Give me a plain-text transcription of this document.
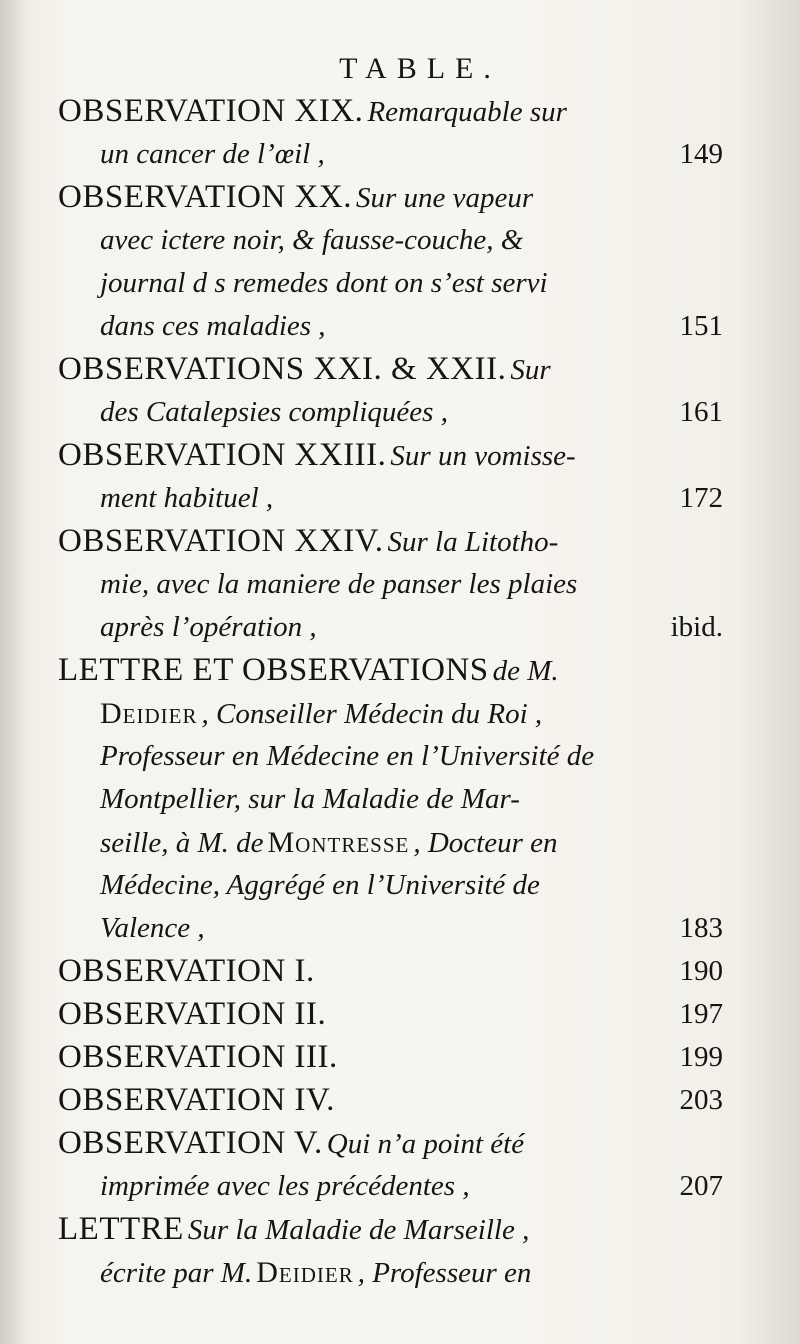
TABLE.
OBSERVATION XIX. Remarquable sur
un cancer de l’œil ,	149
OBSERVATION XX. Sur une vapeur
avec ictere noir, & fausse-couche, &
journal d s remedes dont on s’est servi
dans ces maladies ,	151
OBSERVATIONS XXI. & XXII. Sur
des Catalepsies compliquées ,	161
OBSERVATION XXIII. Sur un vomisse-
ment habituel ,	172
OBSERVATION XXIV. Sur la Litotho-
mie, avec la maniere de panser les plaies
après l’opération ,	ibid.
LETTRE ET OBSERVATIONS de M.
Deidier , Conseiller Médecin du Roi ,
Professeur en Médecine en l’Université de
Montpellier, sur la Maladie de Mar-
seille, à M. de Montresse , Docteur en
Médecine, Aggrégé en l’Université de
Valence ,	183
OBSERVATION I.	190
OBSERVATION II.	197
OBSERVATION III.	199
OBSERVATION IV.	203
OBSERVATION V. Qui n’a point été
imprimée avec les précédentes ,	207
LETTRE Sur la Maladie de Marseille ,
écrite par M. Deidier , Professeur en
